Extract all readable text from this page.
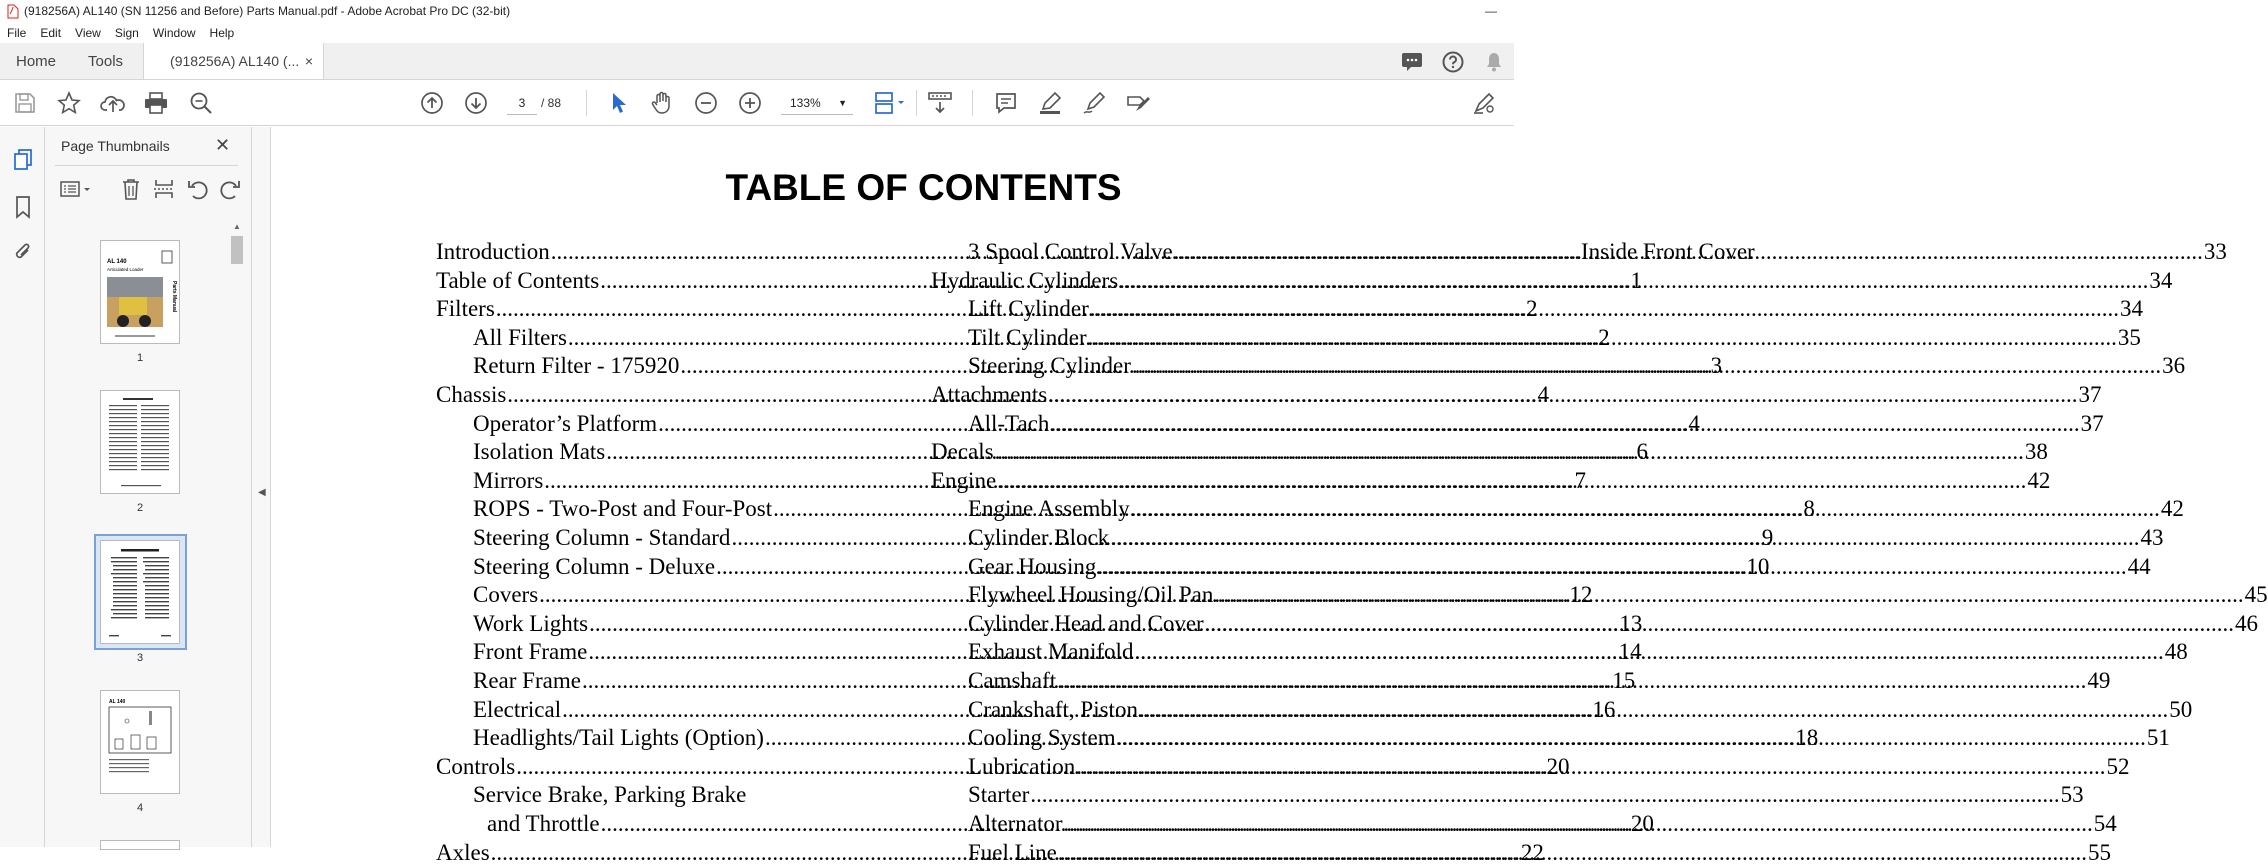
(918256A) AL140 (SN 11256 and Before) Parts Manual.pdf - Adobe Acrobat Pro DC (32-bit)	—
File	Edit	View	Sign	Window	Help
Home	Tools	(918256A) AL140 (... ×
3	/ 88	133% ▼
Page Thumbnails	✕
▲
AL 140
Articulated Loader
Parts Manual
1
2
3
AL 140
4
◀
TABLE OF CONTENTS
Introduction .....	Inside Front Cover
Table of Contents .....	1
Filters .....	2
All Filters .....	2
Return Filter - 175920 .....	3
Chassis .....	4
Operator’s Platform .....	4
Isolation Mats .....	6
Mirrors .....	7
ROPS - Two-Post and Four-Post .....	8
Steering Column - Standard .....	9
Steering Column - Deluxe .....	10
Covers .....	12
Work Lights .....	13
Front Frame .....	14
Rear Frame .....	15
Electrical .....	16
Headlights/Tail Lights (Option) .....	18
Controls .....	20
Service Brake, Parking Brake
and Throttle .....	20
Axles .....	22
3 Spool Control Valve .....	33
Hydraulic Cylinders .....	34
Lift Cylinder .....	34
Tilt Cylinder .....	35
Steering Cylinder .....	36
Attachments .....	37
All-Tach .....	37
Decals .....	38
Engine .....	42
Engine Assembly .....	42
Cylinder Block .....	43
Gear Housing .....	44
Flywheel Housing/Oil Pan .....	45
Cylinder Head and Cover .....	46
Exhaust Manifold .....	48
Camshaft .....	49
Crankshaft, Piston .....	50
Cooling System .....	51
Lubrication .....	52
Starter .....	53
Alternator .....	54
Fuel Line .....	55
